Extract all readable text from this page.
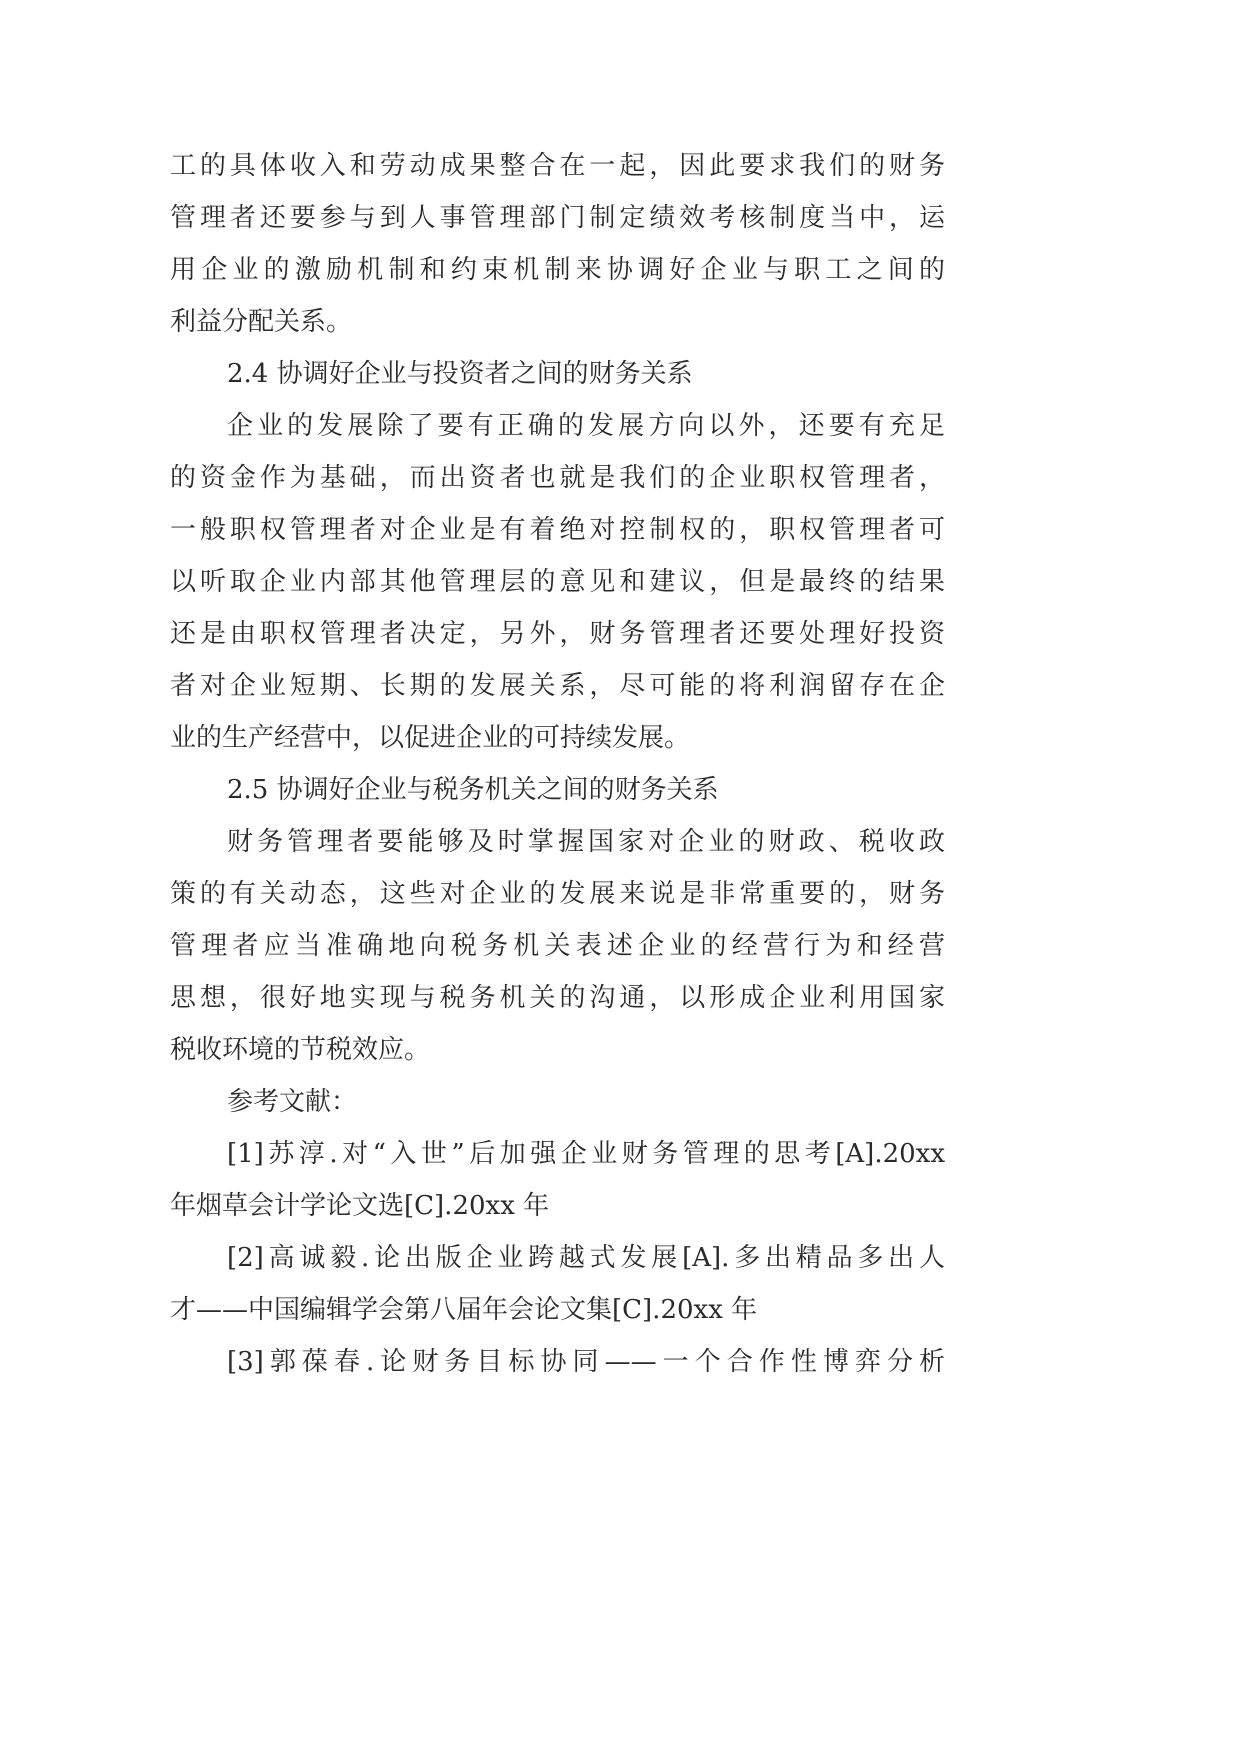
工的具体收入和劳动成果整合在一起，因此要求我们的财务
管理者还要参与到人事管理部门制定绩效考核制度当中，运
用企业的激励机制和约束机制来协调好企业与职工之间的
利益分配关系。
2.4 协调好企业与投资者之间的财务关系
企业的发展除了要有正确的发展方向以外，还要有充足
的资金作为基础，而出资者也就是我们的企业职权管理者，
一般职权管理者对企业是有着绝对控制权的，职权管理者可
以听取企业内部其他管理层的意见和建议，但是最终的结果
还是由职权管理者决定，另外，财务管理者还要处理好投资
者对企业短期、长期的发展关系，尽可能的将利润留存在企
业的生产经营中，以促进企业的可持续发展。
2.5 协调好企业与税务机关之间的财务关系
财务管理者要能够及时掌握国家对企业的财政、税收政
策的有关动态，这些对企业的发展来说是非常重要的，财务
管理者应当准确地向税务机关表述企业的经营行为和经营
思想，很好地实现与税务机关的沟通，以形成企业利用国家
税收环境的节税效应。
参考文献：
[1]苏淳.对“入世”后加强企业财务管理的思考[A].20xx
年烟草会计学论文选[C].20xx 年
[2]高诚毅.论出版企业跨越式发展[A].多出精品多出人
才——中国编辑学会第八届年会论文集[C].20xx 年
[3]郭葆春.论财务目标协同——一个合作性博弈分析
